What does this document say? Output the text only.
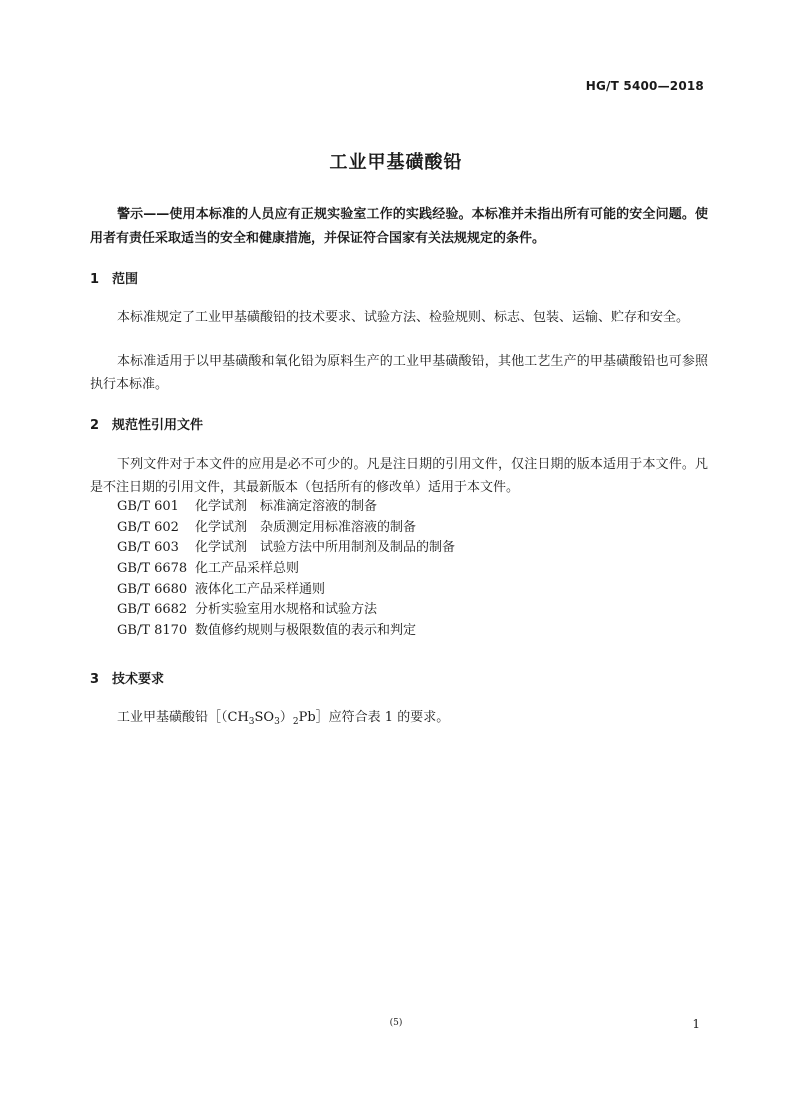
HG/T 5400—2018
工业甲基磺酸铅
警示——使用本标准的人员应有正规实验室工作的实践经验。本标准并未指出所有可能的安全问题。使用者有责任采取适当的安全和健康措施，并保证符合国家有关法规规定的条件。
1 范围
本标准规定了工业甲基磺酸铅的技术要求、试验方法、检验规则、标志、包装、运输、贮存和安全。
本标准适用于以甲基磺酸和氧化铅为原料生产的工业甲基磺酸铅，其他工艺生产的甲基磺酸铅也可参照执行本标准。
2 规范性引用文件
下列文件对于本文件的应用是必不可少的。凡是注日期的引用文件，仅注日期的版本适用于本文件。凡是不注日期的引用文件，其最新版本（包括所有的修改单）适用于本文件。
GB/T 601 化学试剂　标准滴定溶液的制备
GB/T 602 化学试剂　杂质测定用标准溶液的制备
GB/T 603 化学试剂　试验方法中所用制剂及制品的制备
GB/T 6678 化工产品采样总则
GB/T 6680 液体化工产品采样通则
GB/T 6682 分析实验室用水规格和试验方法
GB/T 8170 数值修约规则与极限数值的表示和判定
3 技术要求
工业甲基磺酸铅$[(CH_3SO_3)_2Pb]$应符合表 1 的要求。
(5)	1
